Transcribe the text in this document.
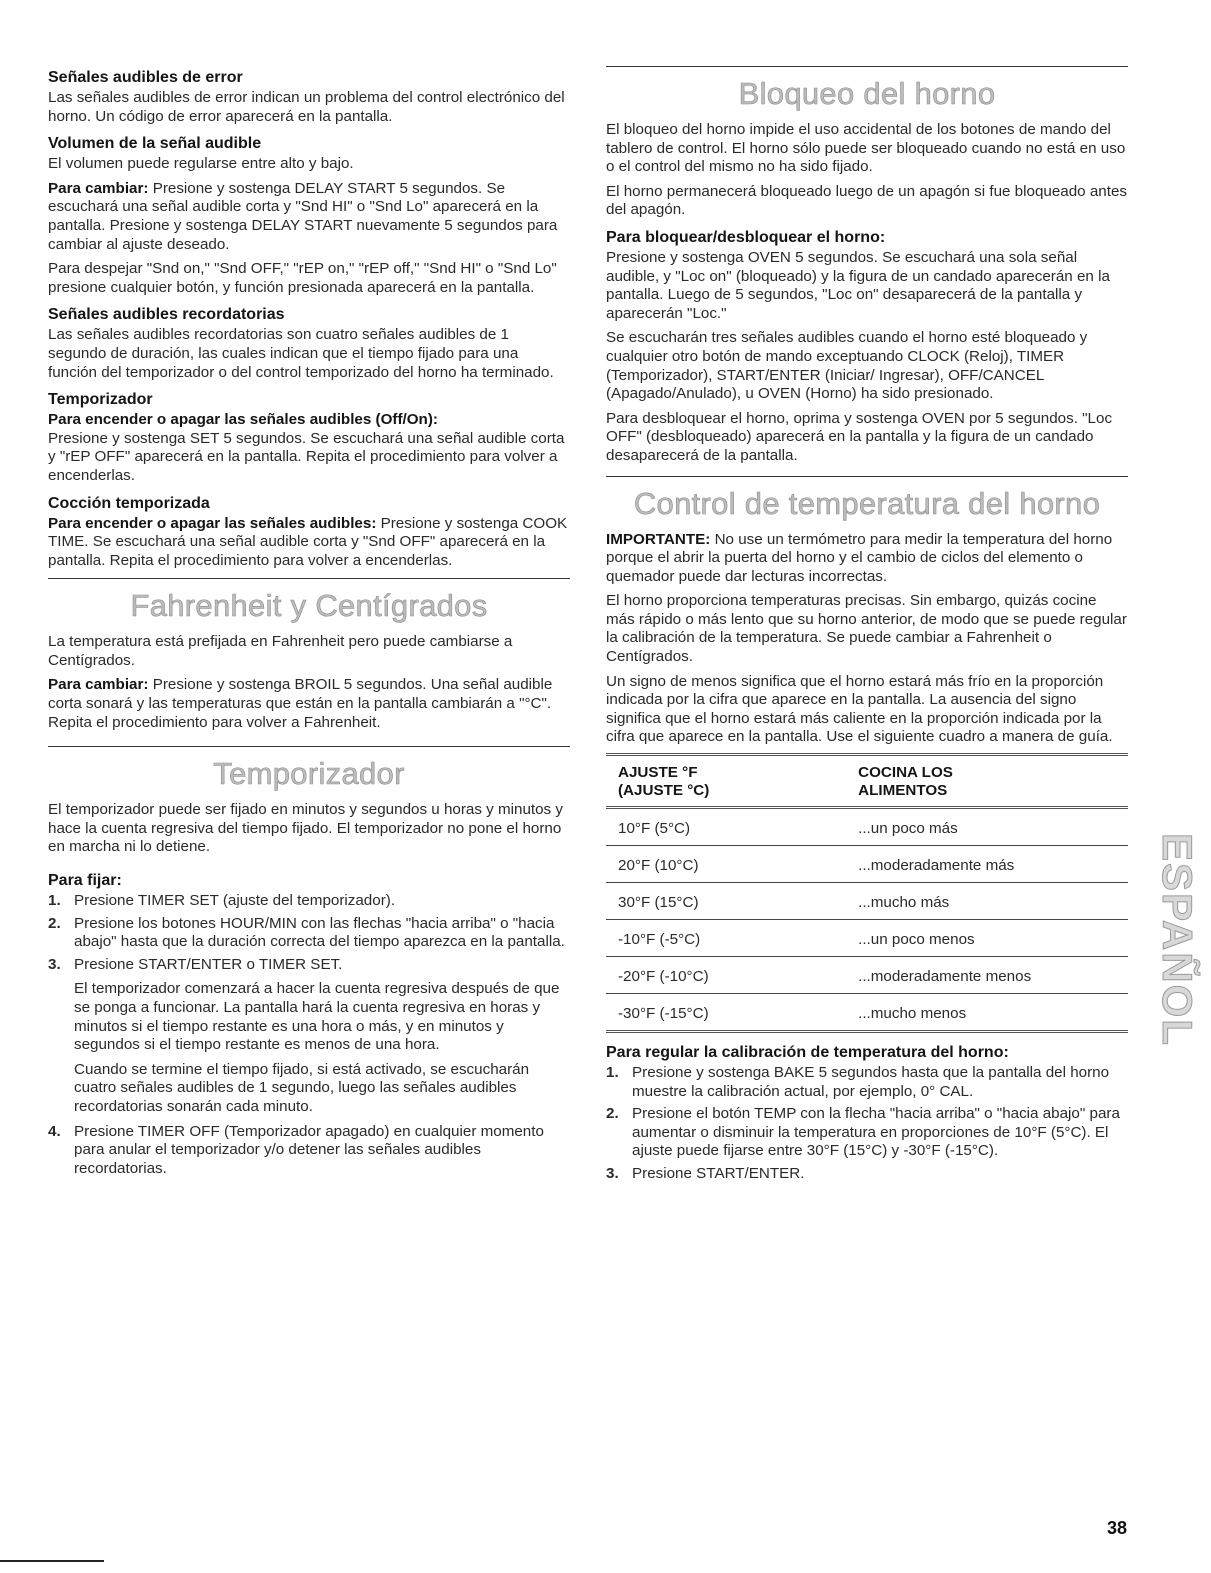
Señales audibles de error

Las señales audibles de error indican un problema del control electrónico del horno. Un código de error aparecerá en la pantalla.

Volumen de la señal audible

El volumen puede regularse entre alto y bajo.

Para cambiar: Presione y sostenga DELAY START 5 segundos. Se escuchará una señal audible corta y "Snd HI" o "Snd Lo" aparecerá en la pantalla. Presione y sostenga DELAY START nuevamente 5 segundos para cambiar al ajuste deseado.

Para despejar "Snd on," "Snd OFF," "rEP on," "rEP off," "Snd HI" o "Snd Lo" presione cualquier botón, y función presionada aparecerá en la pantalla.

Señales audibles recordatorias

Las señales audibles recordatorias son cuatro señales audibles de 1 segundo de duración, las cuales indican que el tiempo fijado para una función del temporizador o del control temporizado del horno ha terminado.

Temporizador

Para encender o apagar las señales audibles (Off/On):
Presione y sostenga SET 5 segundos. Se escuchará una señal audible corta y "rEP OFF" aparecerá en la pantalla. Repita el procedimiento para volver a encenderlas.

Cocción temporizada

Para encender o apagar las señales audibles: Presione y sostenga COOK TIME. Se escuchará una señal audible corta y "Snd OFF" aparecerá en la pantalla. Repita el procedimiento para volver a encenderlas.

Fahrenheit y Centígrados

La temperatura está prefijada en Fahrenheit pero puede cambiarse a Centígrados.

Para cambiar: Presione y sostenga BROIL 5 segundos. Una señal audible corta sonará y las temperaturas que están en la pantalla cambiarán a "°C". Repita el procedimiento para volver a Fahrenheit.

Temporizador

El temporizador puede ser fijado en minutos y segundos u horas y minutos y hace la cuenta regresiva del tiempo fijado. El temporizador no pone el horno en marcha ni lo detiene.

Para fijar:
1. Presione TIMER SET (ajuste del temporizador).
2. Presione los botones HOUR/MIN con las flechas "hacia arriba" o "hacia abajo" hasta que la duración correcta del tiempo aparezca en la pantalla.
3. Presione START/ENTER o TIMER SET.

El temporizador comenzará a hacer la cuenta regresiva después de que se ponga a funcionar. La pantalla hará la cuenta regresiva en horas y minutos si el tiempo restante es una hora o más, y en minutos y segundos si el tiempo restante es menos de una hora.

Cuando se termine el tiempo fijado, si está activado, se escucharán cuatro señales audibles de 1 segundo, luego las señales audibles recordatorias sonarán cada minuto.

4. Presione TIMER OFF (Temporizador apagado) en cualquier momento para anular el temporizador y/o detener las señales audibles recordatorias.
Bloqueo del horno

El bloqueo del horno impide el uso accidental de los botones de mando del tablero de control. El horno sólo puede ser bloqueado cuando no está en uso o el control del mismo no ha sido fijado.

El horno permanecerá bloqueado luego de un apagón si fue bloqueado antes del apagón.

Para bloquear/desbloquear el horno:

Presione y sostenga OVEN 5 segundos. Se escuchará una sola señal audible, y "Loc on" (bloqueado) y la figura de un candado aparecerán en la pantalla. Luego de 5 segundos, "Loc on" desaparecerá de la pantalla y aparecerán "Loc."

Se escucharán tres señales audibles cuando el horno esté bloqueado y cualquier otro botón de mando exceptuando CLOCK (Reloj), TIMER (Temporizador), START/ENTER (Iniciar/ Ingresar), OFF/CANCEL (Apagado/Anulado), u OVEN (Horno) ha sido presionado.

Para desbloquear el horno, oprima y sostenga OVEN por 5 segundos. "Loc OFF" (desbloqueado) aparecerá en la pantalla y la figura de un candado desaparecerá de la pantalla.

Control de temperatura del horno

IMPORTANTE: No use un termómetro para medir la temperatura del horno porque el abrir la puerta del horno y el cambio de ciclos del elemento o quemador puede dar lecturas incorrectas.

El horno proporciona temperaturas precisas. Sin embargo, quizás cocine más rápido o más lento que su horno anterior, de modo que se puede regular la calibración de la temperatura. Se puede cambiar a Fahrenheit o Centígrados.

Un signo de menos significa que el horno estará más frío en la proporción indicada por la cifra que aparece en la pantalla. La ausencia del signo significa que el horno estará más caliente en la proporción indicada por la cifra que aparece en la pantalla. Use el siguiente cuadro a manera de guía.

AJUSTE °F
(AJUSTE °C)	COCINA LOS
ALIMENTOS
10°F (5°C)	...un poco más
20°F (10°C)	...moderadamente más
30°F (15°C)	...mucho más
-10°F (-5°C)	...un poco menos
-20°F (-10°C)	...moderadamente menos
-30°F (-15°C)	...mucho menos
Para regular la calibración de temperatura del horno:
1. Presione y sostenga BAKE 5 segundos hasta que la pantalla del horno muestre la calibración actual, por ejemplo, 0° CAL.
2. Presione el botón TEMP con la flecha "hacia arriba" o "hacia abajo" para aumentar o disminuir la temperatura en proporciones de 10°F (5°C). El ajuste puede fijarse entre 30°F (15°C) y -30°F (-15°C).
3. Presione START/ENTER.
ESPAÑOL
38
